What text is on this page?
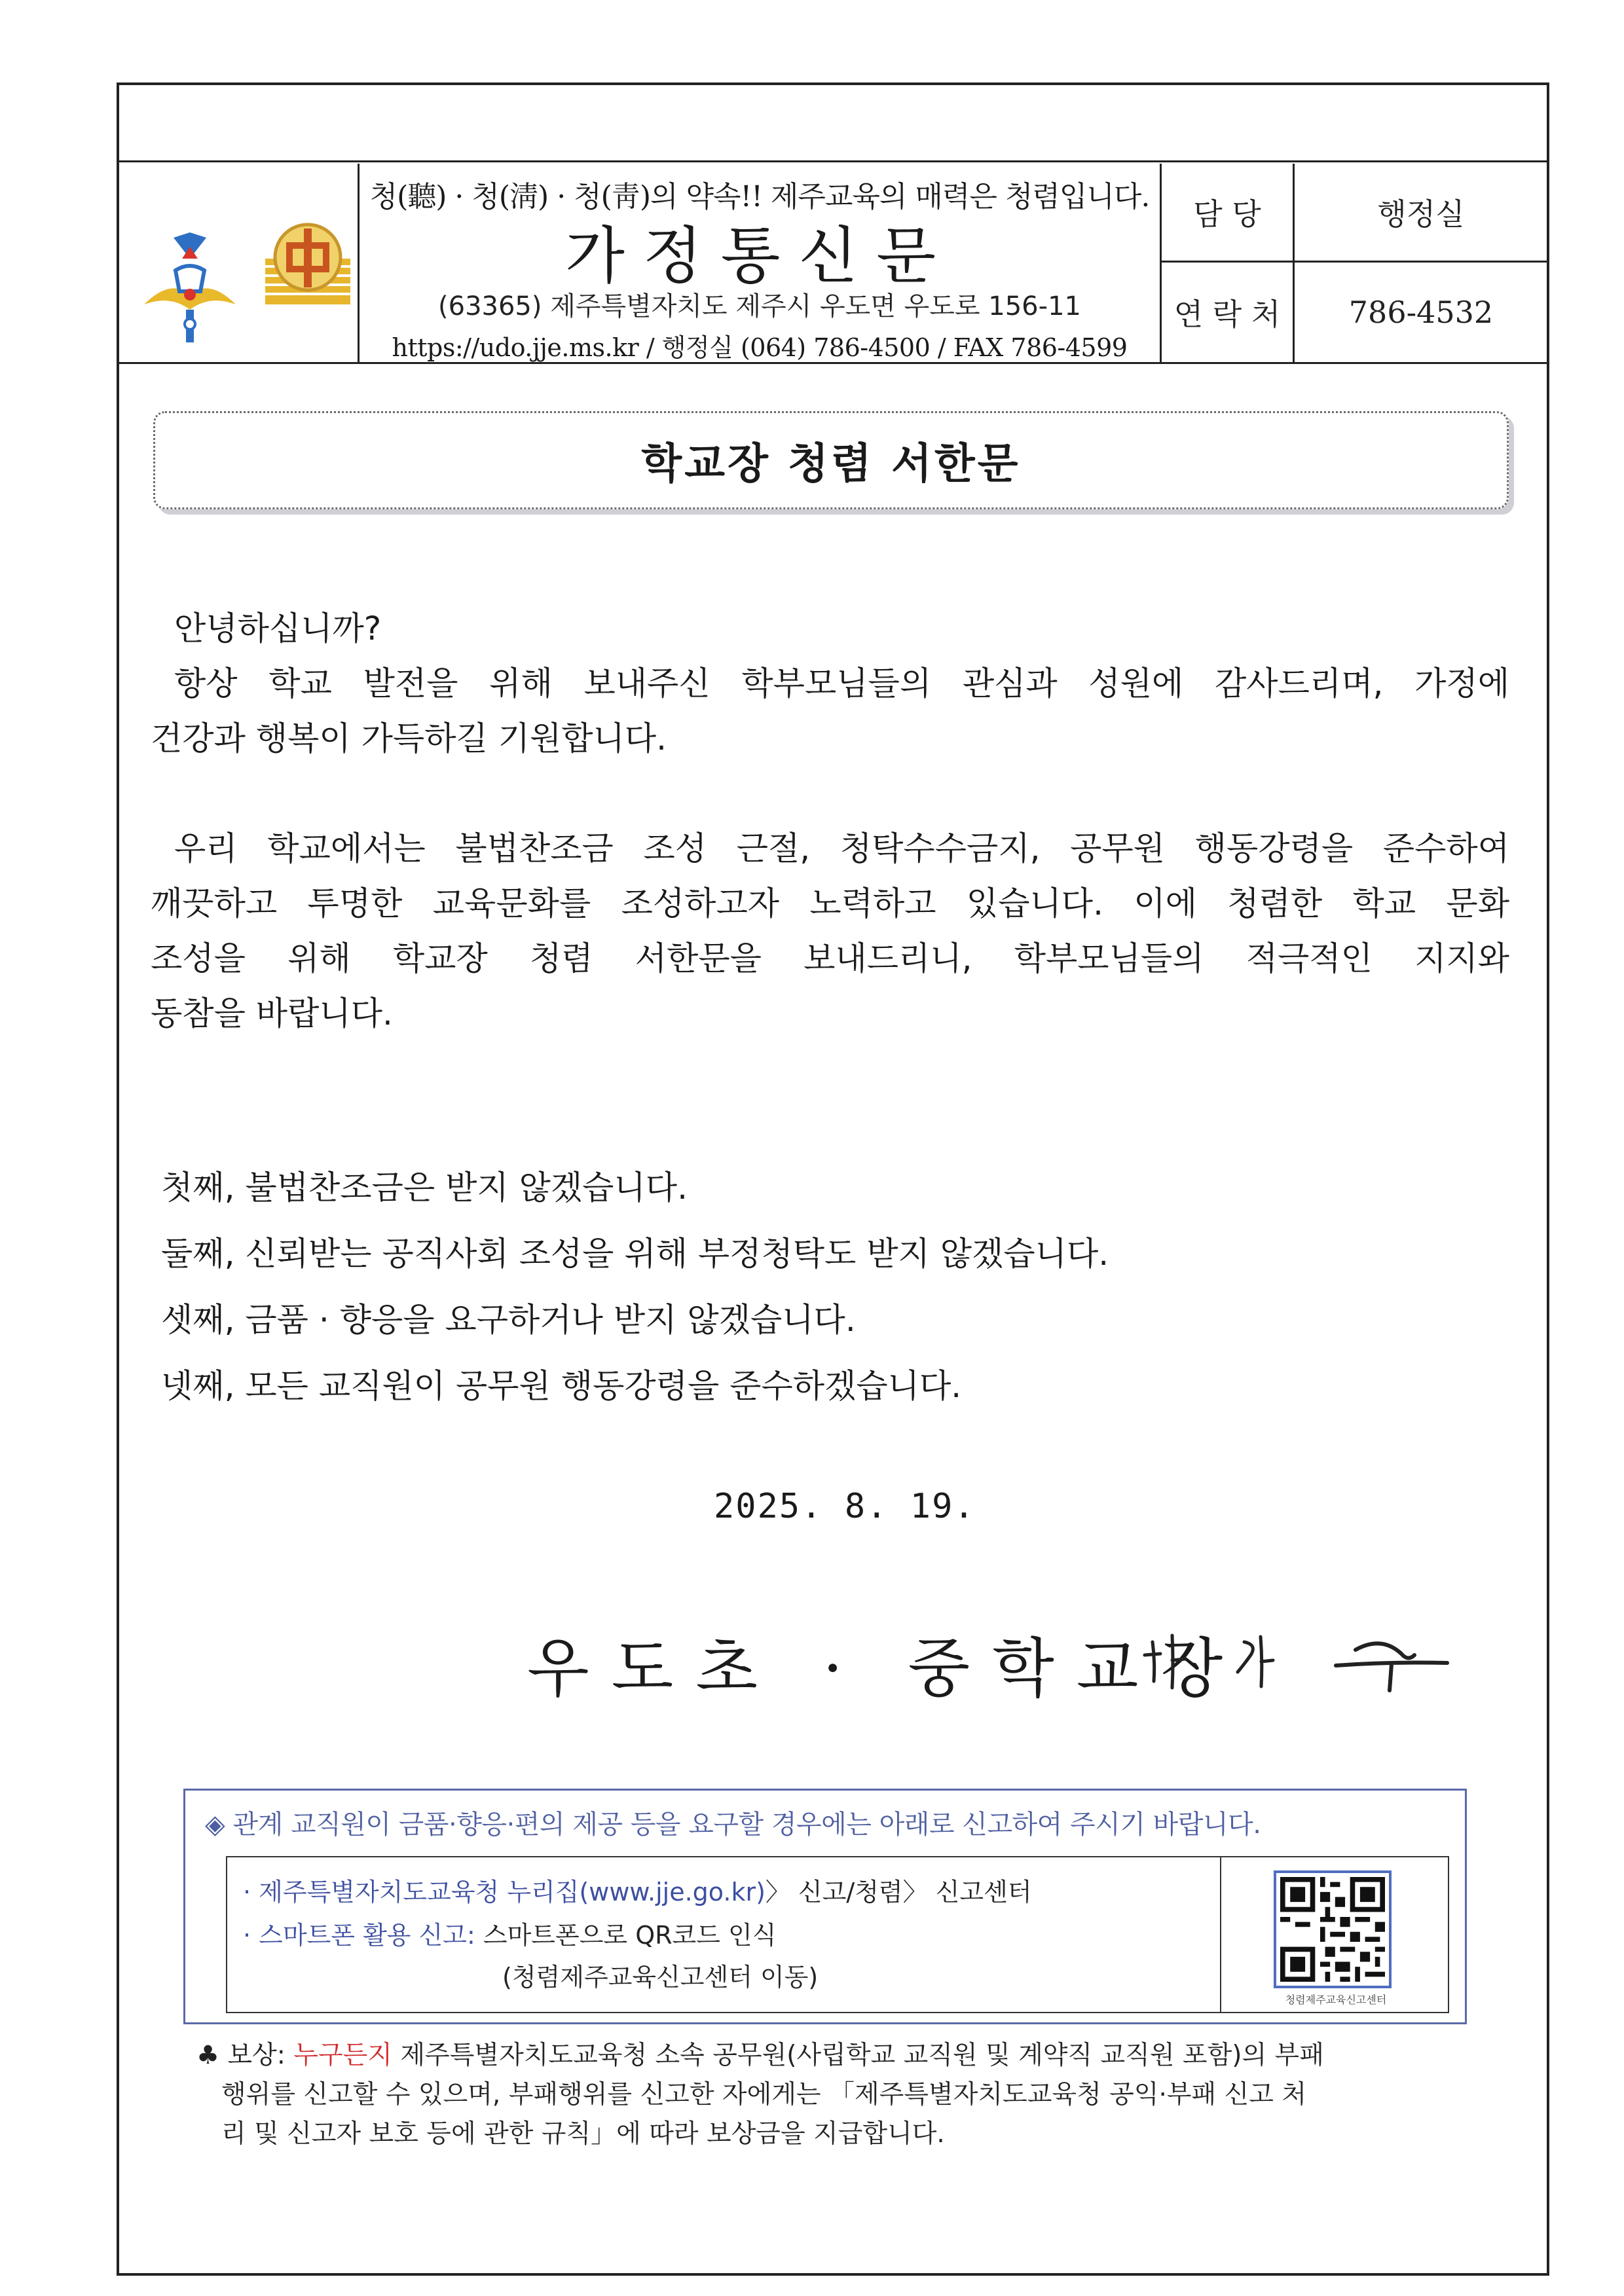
청(聽) · 청(淸) · 청(靑)의 약속!! 제주교육의 매력은 청렴입니다.
가정통신문
(63365) 제주특별자치도 제주시 우도면 우도로 156-11
https://udo.jje.ms.kr / 행정실 (064) 786-4500 / FAX 786-4599
담 당	행정실
연 락 처	786-4532
학교장 청렴 서한문

안녕하십니까?

항상 학교 발전을 위해 보내주신 학부모님들의 관심과 성원에 감사드리며, 가정에

건강과 행복이 가득하길 기원합니다.

우리 학교에서는 불법찬조금 조성 근절, 청탁수수금지, 공무원 행동강령을 준수하여

깨끗하고 투명한 교육문화를 조성하고자 노력하고 있습니다. 이에 청렴한 학교 문화

조성을 위해 학교장 청렴 서한문을 보내드리니, 학부모님들의 적극적인 지지와

동참을 바랍니다.

첫째, 불법찬조금은 받지 않겠습니다.
둘째, 신뢰받는 공직사회 조성을 위해 부정청탁도 받지 않겠습니다.
셋째, 금품 · 향응을 요구하거나 받지 않겠습니다.
넷째, 모든 교직원이 공무원 행동강령을 준수하겠습니다.
2025. 8. 19.
우도초 · 중학교장
◈ 관계 교직원이 금품·향응·편의 제공 등을 요구할 경우에는 아래로 신고하여 주시기 바랍니다.
· 제주특별자치도교육청 누리집(www.jje.go.kr)〉 신고/청렴〉 신고센터
· 스마트폰 활용 신고: 스마트폰으로 QR코드 인식
(청렴제주교육신고센터 이동)
청렴제주교육신고센터
♣ 보상: 누구든지 제주특별자치도교육청 소속 공무원(사립학교 교직원 및 계약직 교직원 포함)의 부패
행위를 신고할 수 있으며, 부패행위를 신고한 자에게는 「제주특별자치도교육청 공익·부패 신고 처
리 및 신고자 보호 등에 관한 규칙」에 따라 보상금을 지급합니다.
